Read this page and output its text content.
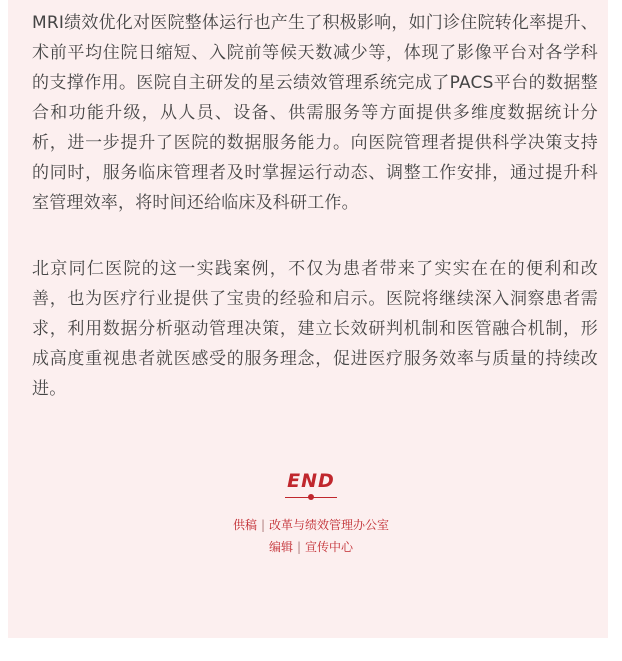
MRI绩效优化对医院整体运行也产生了积极影响，如门诊住院转化率提升、术前平均住院日缩短、入院前等候天数减少等，体现了影像平台对各学科的支撑作用。医院自主研发的星云绩效管理系统完成了PACS平台的数据整合和功能升级，从人员、设备、供需服务等方面提供多维度数据统计分析，进一步提升了医院的数据服务能力。向医院管理者提供科学决策支持的同时，服务临床管理者及时掌握运行动态、调整工作安排，通过提升科室管理效率，将时间还给临床及科研工作。

北京同仁医院的这一实践案例，不仅为患者带来了实实在在的便利和改善，也为医疗行业提供了宝贵的经验和启示。医院将继续深入洞察患者需求，利用数据分析驱动管理决策，建立长效研判机制和医管融合机制，形成高度重视患者就医感受的服务理念，促进医疗服务效率与质量的持续改进。

END
供稿 | 改革与绩效管理办公室
编辑 | 宣传中心
